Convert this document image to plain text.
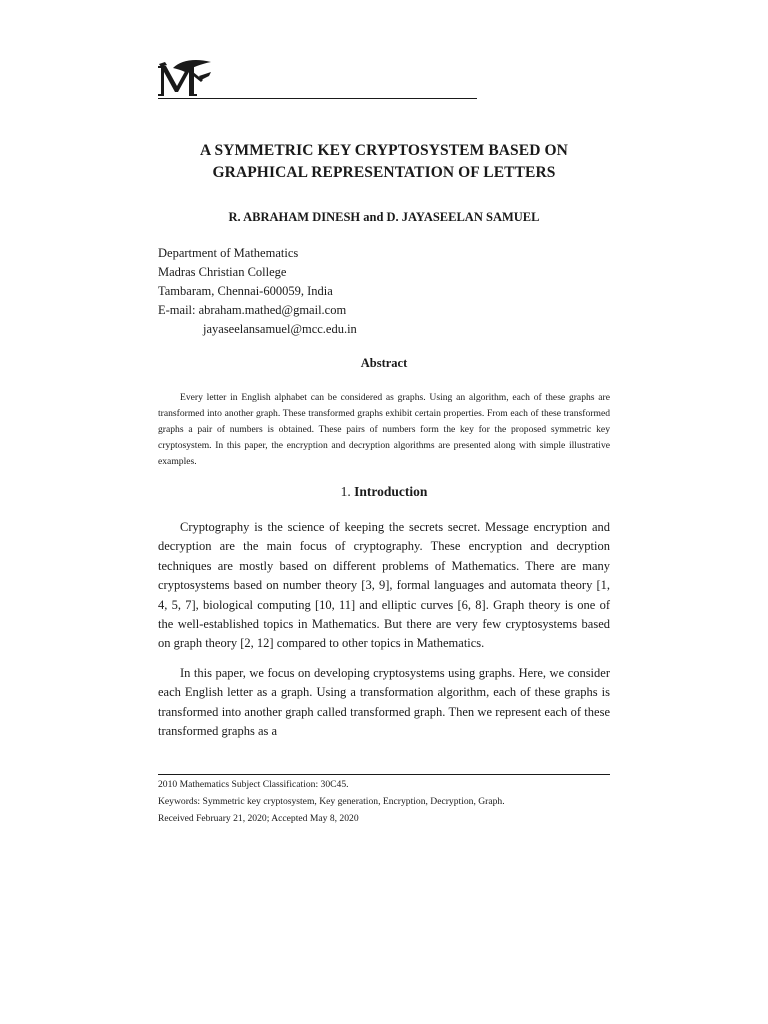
A SYMMETRIC KEY CRYPTOSYSTEM BASED ON
GRAPHICAL REPRESENTATION OF LETTERS
R. ABRAHAM DINESH and D. JAYASEELAN SAMUEL
Department of Mathematics
Madras Christian College
Tambaram, Chennai-600059, India
E-mail: abraham.mathed@gmail.com
jayaseelansamuel@mcc.edu.in
Abstract

Every letter in English alphabet can be considered as graphs. Using an algorithm, each of these graphs are transformed into another graph. These transformed graphs exhibit certain properties. From each of these transformed graphs a pair of numbers is obtained. These pairs of numbers form the key for the proposed symmetric key cryptosystem. In this paper, the encryption and decryption algorithms are presented along with simple illustrative examples.

1. Introduction

Cryptography is the science of keeping the secrets secret. Message encryption and decryption are the main focus of cryptography. These encryption and decryption techniques are mostly based on different problems of Mathematics. There are many cryptosystems based on number theory [3, 9], formal languages and automata theory [1, 4, 5, 7], biological computing [10, 11] and elliptic curves [6, 8]. Graph theory is one of the well-established topics in Mathematics. But there are very few cryptosystems based on graph theory [2, 12] compared to other topics in Mathematics.

In this paper, we focus on developing cryptosystems using graphs. Here, we consider each English letter as a graph. Using a transformation algorithm, each of these graphs is transformed into another graph called transformed graph. Then we represent each of these transformed graphs as a

2010 Mathematics Subject Classification: 30C45.
Keywords: Symmetric key cryptosystem, Key generation, Encryption, Decryption, Graph.
Received February 21, 2020; Accepted May 8, 2020
